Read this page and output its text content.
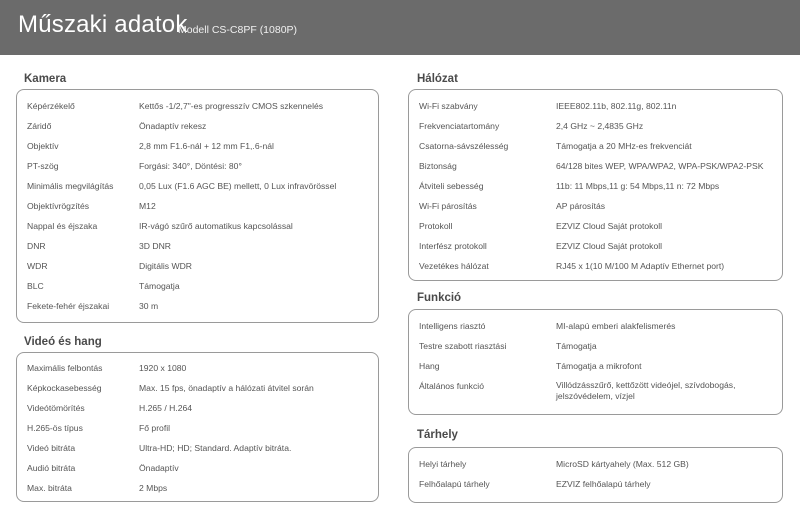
Műszaki adatok
Modell CS-C8PF (1080P)
Kamera
Képérzékelő	Kettős -1/2,7"-es progresszív CMOS szkennelés
Záridő	Önadaptív rekesz
Objektív	2,8 mm F1.6-nál + 12 mm F1,.6-nál
PT-szög	Forgási: 340°, Döntési: 80°
Minimális megvilágítás	0,05 Lux (F1.6 AGC BE) mellett, 0 Lux infravörössel
Objektívrögzítés	M12
Nappal és éjszaka	IR-vágó szűrő automatikus kapcsolással
DNR	3D DNR
WDR	Digitális WDR
BLC	Támogatja
Fekete-fehér éjszakai	30 m
Videó és hang
Maximális felbontás	1920 x 1080
Képkockasebesség	Max. 15 fps, önadaptív a hálózati átvitel során
Videótömörítés	H.265 / H.264
H.265-ös típus	Fő profil
Videó bitráta	Ultra-HD; HD; Standard. Adaptív bitráta.
Audió bitráta	Önadaptív
Max. bitráta	2 Mbps
Hálózat
Wi-Fi szabvány	IEEE802.11b, 802.11g, 802.11n
Frekvenciatartomány	2,4 GHz ~ 2,4835 GHz
Csatorna-sávszélesség	Támogatja a 20 MHz-es frekvenciát
Biztonság	64/128 bites WEP, WPA/WPA2, WPA-PSK/WPA2-PSK
Átviteli sebesség	11b: 11 Mbps,11 g: 54 Mbps,11 n: 72 Mbps
Wi-Fi párosítás	AP párosítás
Protokoll	EZVIZ Cloud Saját protokoll
Interfész protokoll	EZVIZ Cloud Saját protokoll
Vezetékes hálózat	RJ45 x 1(10 M/100 M Adaptív Ethernet port)
Funkció
Intelligens riasztó	MI-alapú emberi alakfelismerés
Testre szabott riasztási	Támogatja
Hang	Támogatja a mikrofont
Általános funkció	Villódzásszűrő, kettőzött videójel, szívdobogás, jelszóvédelem, vízjel
Tárhely
Helyi tárhely	MicroSD kártyahely (Max. 512 GB)
Felhőalapú tárhely	EZVIZ felhőalapú tárhely
